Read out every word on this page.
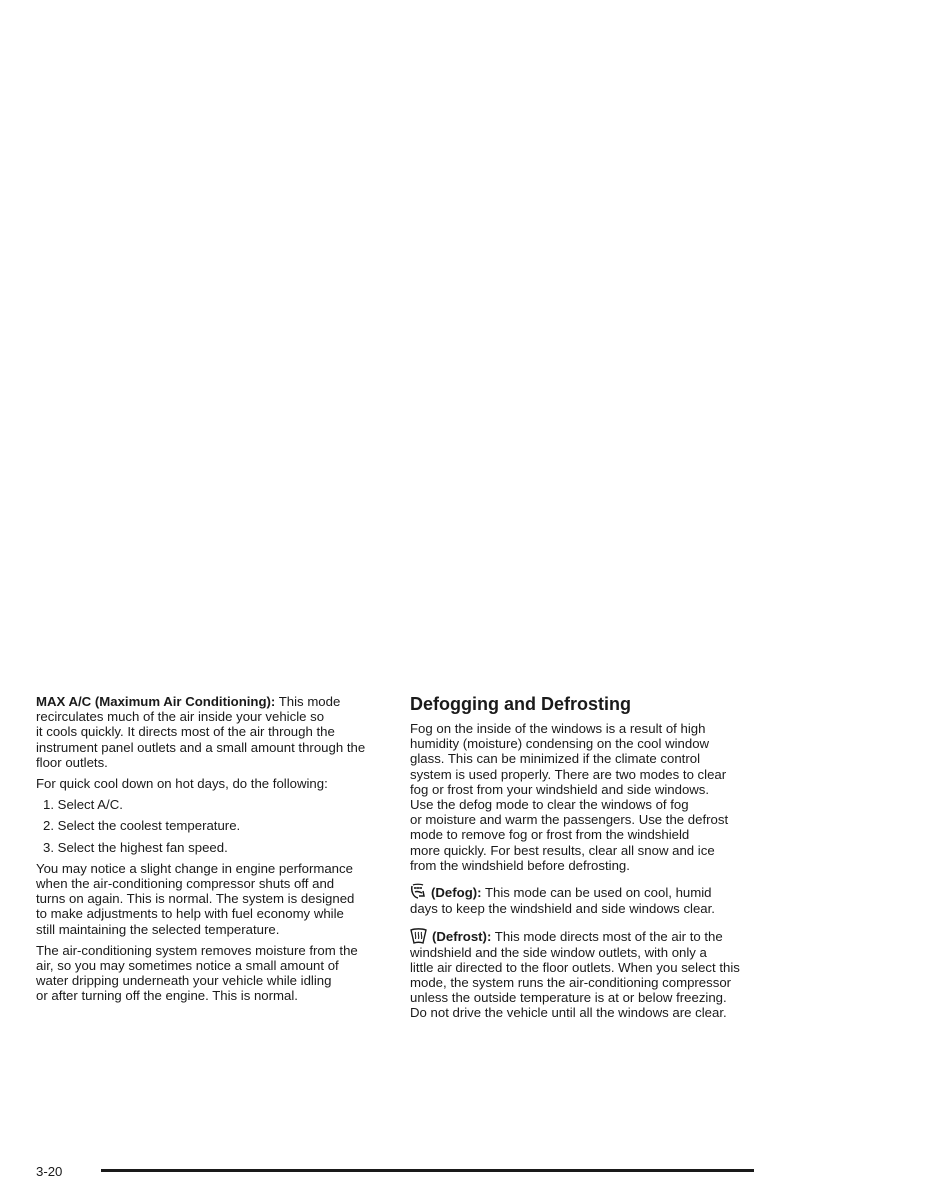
MAX A/C (Maximum Air Conditioning): This mode
recirculates much of the air inside your vehicle so
it cools quickly. It directs most of the air through the
instrument panel outlets and a small amount through the
floor outlets.
For quick cool down on hot days, do the following:
1. Select A/C.
2. Select the coolest temperature.
3. Select the highest fan speed.
You may notice a slight change in engine performance
when the air-conditioning compressor shuts off and
turns on again. This is normal. The system is designed
to make adjustments to help with fuel economy while
still maintaining the selected temperature.
The air-conditioning system removes moisture from the
air, so you may sometimes notice a small amount of
water dripping underneath your vehicle while idling
or after turning off the engine. This is normal.
Defogging and Defrosting
Fog on the inside of the windows is a result of high
humidity (moisture) condensing on the cool window
glass. This can be minimized if the climate control
system is used properly. There are two modes to clear
fog or frost from your windshield and side windows.
Use the defog mode to clear the windows of fog
or moisture and warm the passengers. Use the defrost
mode to remove fog or frost from the windshield
more quickly. For best results, clear all snow and ice
from the windshield before defrosting.
(Defog): This mode can be used on cool, humid
days to keep the windshield and side windows clear.
(Defrost): This mode directs most of the air to the
windshield and the side window outlets, with only a
little air directed to the floor outlets. When you select this
mode, the system runs the air-conditioning compressor
unless the outside temperature is at or below freezing.
Do not drive the vehicle until all the windows are clear.
3-20
